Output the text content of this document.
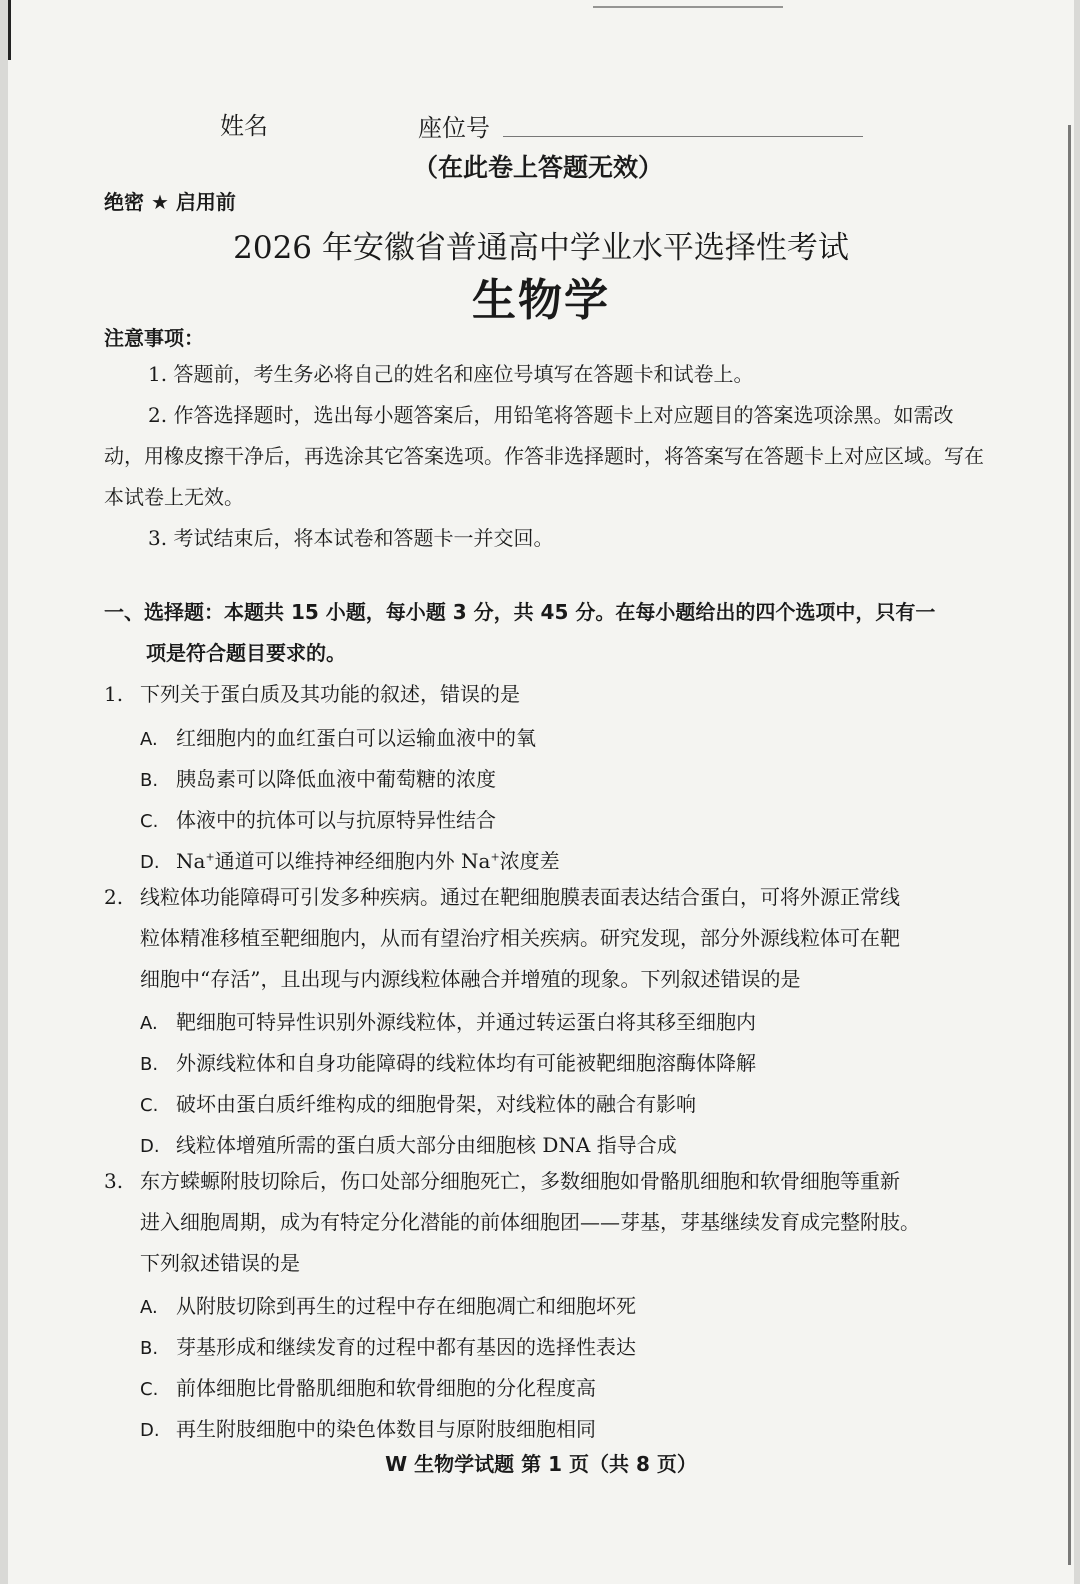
姓名	座位号
（在此卷上答题无效）
绝密 ★ 启用前
2026 年安徽省普通高中学业水平选择性考试
生物学
注意事项：
1. 答题前，考生务必将自己的姓名和座位号填写在答题卡和试卷上。
2. 作答选择题时，选出每小题答案后，用铅笔将答题卡上对应题目的答案选项涂黑。如需改动，用橡皮擦干净后，再选涂其它答案选项。作答非选择题时，将答案写在答题卡上对应区域。写在本试卷上无效。
3. 考试结束后，将本试卷和答题卡一并交回。
一、选择题：本题共 15 小题，每小题 3 分，共 45 分。在每小题给出的四个选项中，只有一
项是符合题目要求的。
1. 下列关于蛋白质及其功能的叙述，错误的是
A. 红细胞内的血红蛋白可以运输血液中的氧
B. 胰岛素可以降低血液中葡萄糖的浓度
C. 体液中的抗体可以与抗原特异性结合
D. Na+通道可以维持神经细胞内外 Na+浓度差
2. 线粒体功能障碍可引发多种疾病。通过在靶细胞膜表面表达结合蛋白，可将外源正常线
粒体精准移植至靶细胞内，从而有望治疗相关疾病。研究发现，部分外源线粒体可在靶
细胞中“存活”，且出现与内源线粒体融合并增殖的现象。下列叙述错误的是
A. 靶细胞可特异性识别外源线粒体，并通过转运蛋白将其移至细胞内
B. 外源线粒体和自身功能障碍的线粒体均有可能被靶细胞溶酶体降解
C. 破坏由蛋白质纤维构成的细胞骨架，对线粒体的融合有影响
D. 线粒体增殖所需的蛋白质大部分由细胞核 DNA 指导合成
3. 东方蝾螈附肢切除后，伤口处部分细胞死亡，多数细胞如骨骼肌细胞和软骨细胞等重新
进入细胞周期，成为有特定分化潜能的前体细胞团——芽基，芽基继续发育成完整附肢。
下列叙述错误的是
A. 从附肢切除到再生的过程中存在细胞凋亡和细胞坏死
B. 芽基形成和继续发育的过程中都有基因的选择性表达
C. 前体细胞比骨骼肌细胞和软骨细胞的分化程度高
D. 再生附肢细胞中的染色体数目与原附肢细胞相同
W 生物学试题 第 1 页（共 8 页）
